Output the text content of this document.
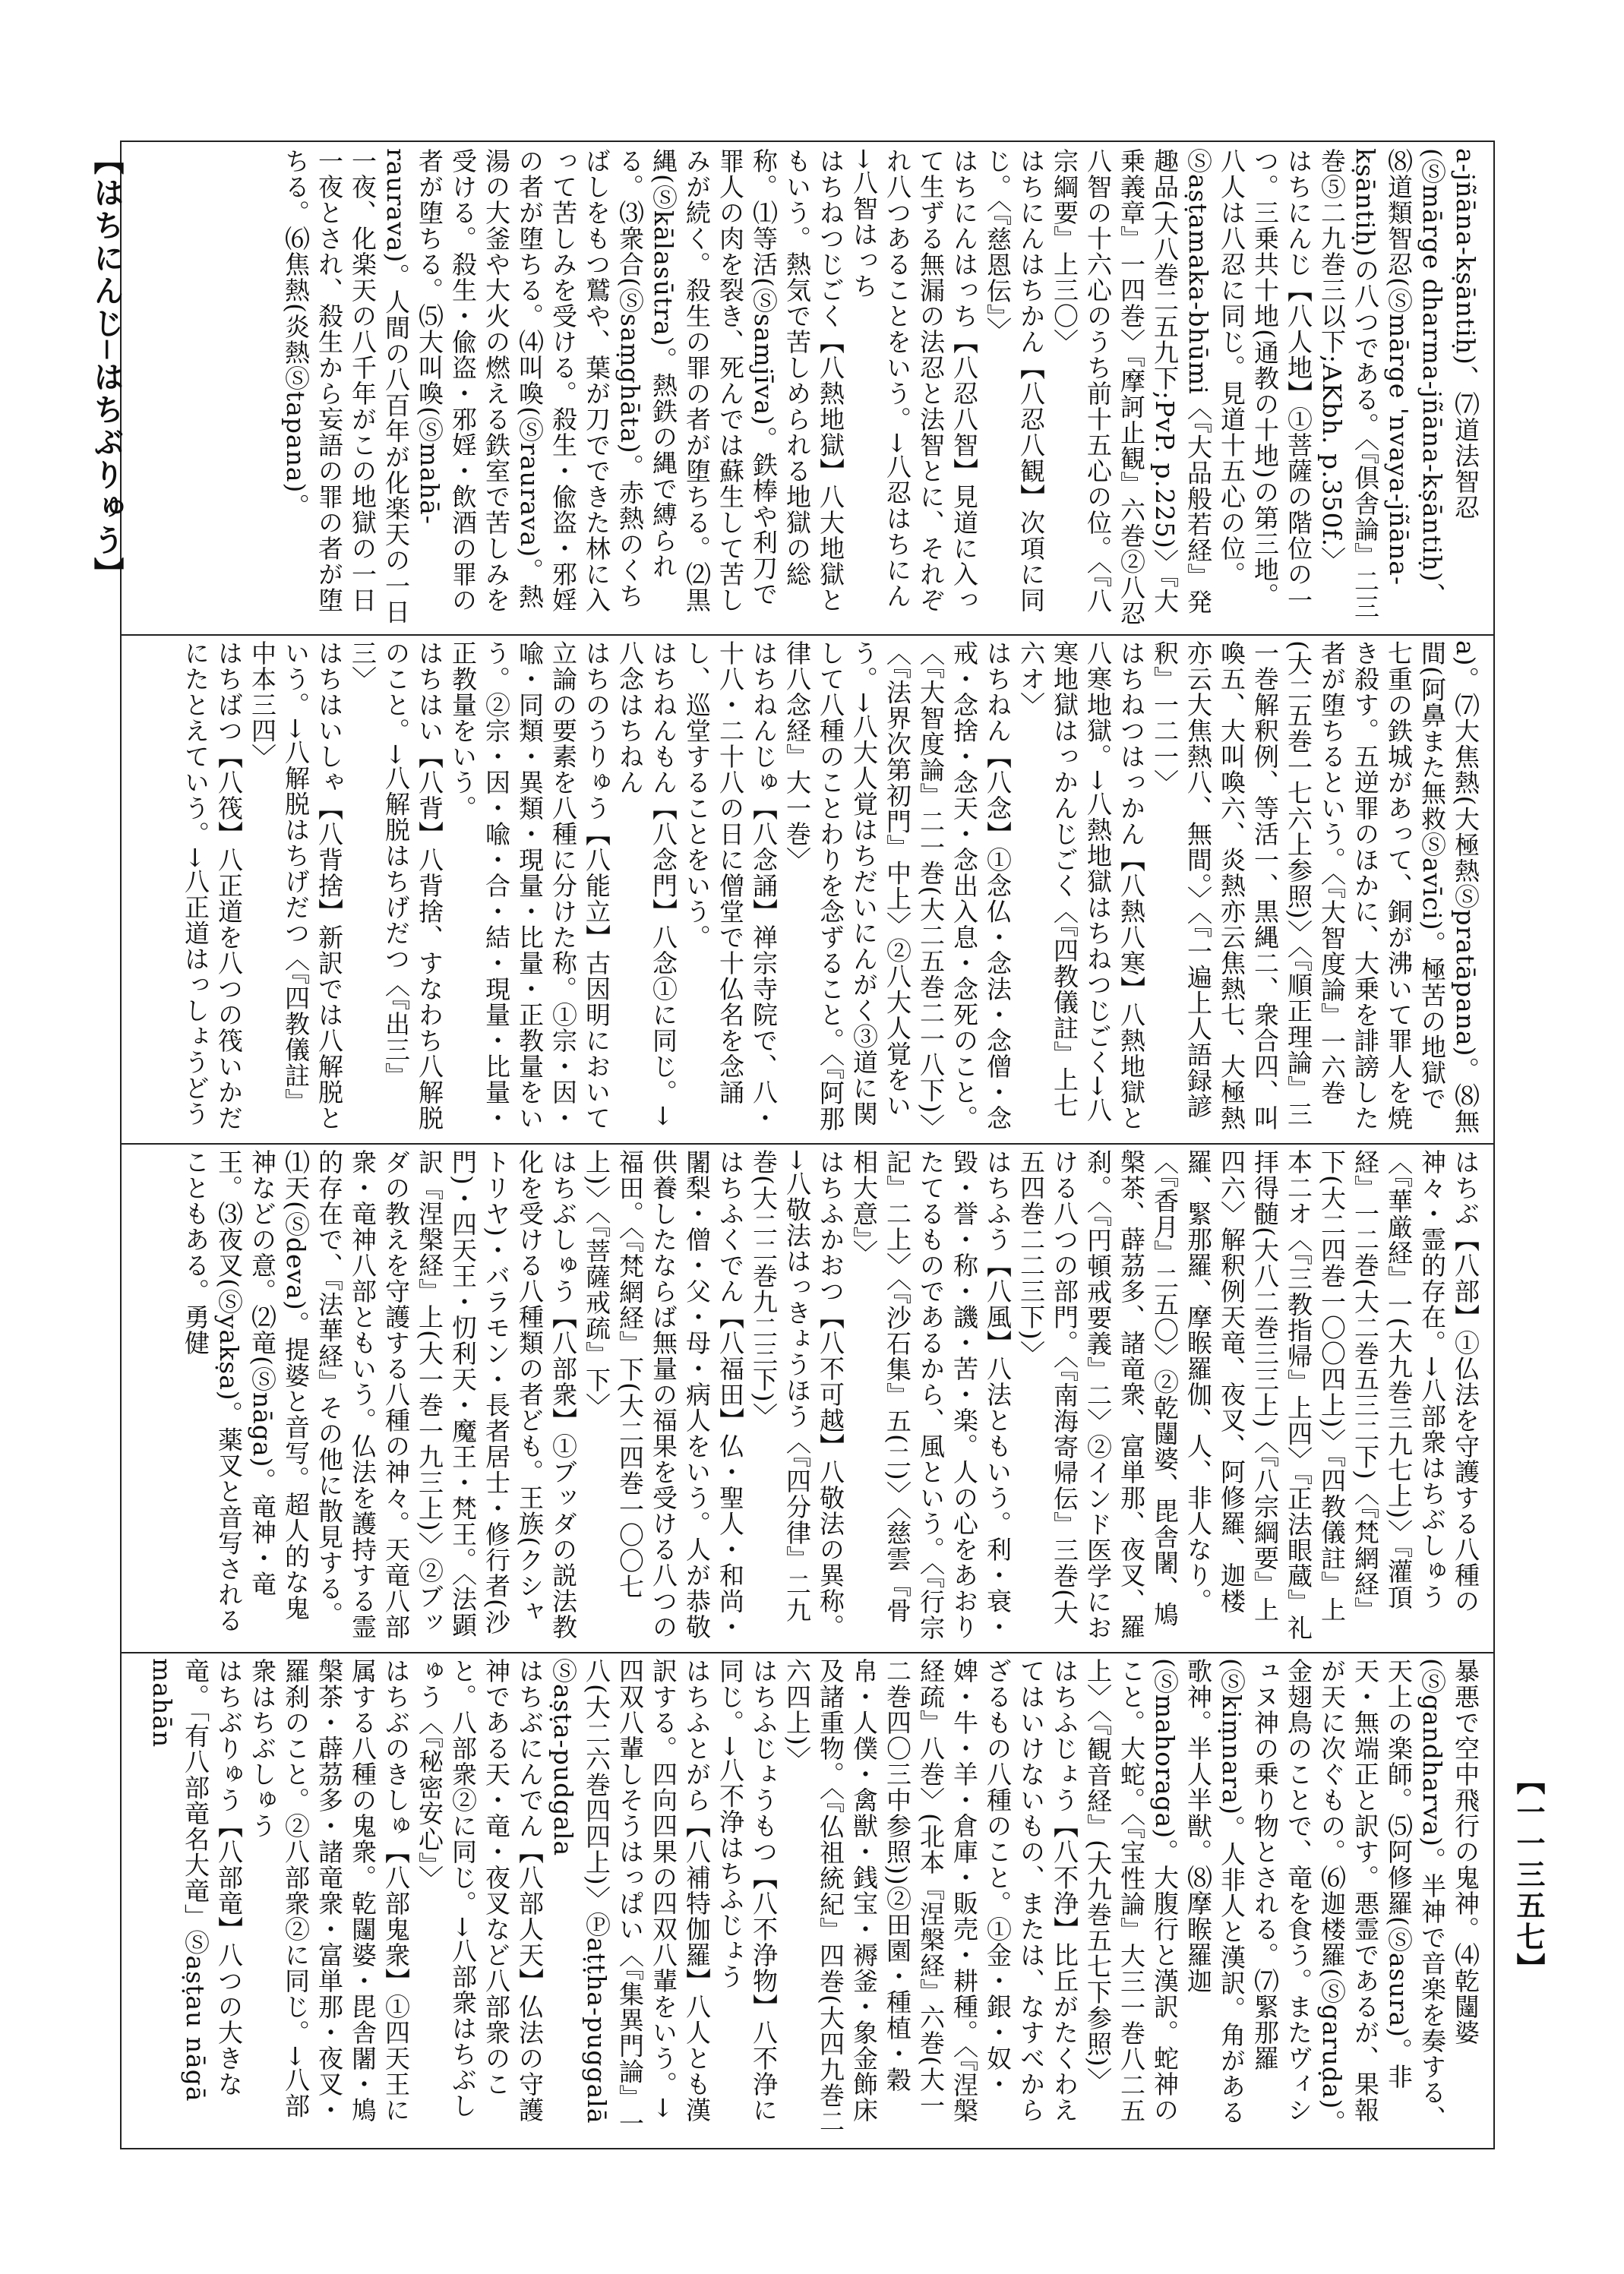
【はちにんじ─はちぶりゅう】
【一一三五七】
a-jñāna-kṣāntiḥ)、⑺道法智忍(Ⓢmārge dharma-jñāna-kṣāntiḥ)、⑻道類智忍(Ⓢmārge 'nvaya-jñāna-kṣāntiḥ)の八つである。〈『倶舎論』二三巻⑤二九巻三以下;AKbh. p.350f.〉
はちにんじ【八人地】①菩薩の階位の一つ。三乗共十地(通教の十地)の第三地。八人は八忍に同じ。見道十五心の位。Ⓢaṣṭamaka-bhūmi〈『大品般若経』発趣品(大八巻二五九下;PvP. p.225)〉『大乗義章』一四巻〉『摩訶止観』六巻②八忍八智の十六心のうち前十五心の位。〈『八宗綱要』上三〇〉
はちにんはちかん【八忍八観】次項に同じ。〈『慈恩伝』〉
はちにんはっち【八忍八智】見道に入って生ずる無漏の法忍と法智とに、それぞれ八つあることをいう。→八忍はちにん→八智はっち
はちねつじごく【八熱地獄】八大地獄ともいう。熱気で苦しめられる地獄の総称。⑴等活(Ⓢsamjīva)。鉄棒や利刀で罪人の肉を裂き、死んでは蘇生して苦しみが続く。殺生の罪の者が堕ちる。⑵黒縄(Ⓢkālasūtra)。熱鉄の縄で縛られる。⑶衆合(Ⓢsaṃghāta)。赤熱のくちばしをもつ鷲や、葉が刀でできた林に入って苦しみを受ける。殺生・偸盗・邪婬の者が堕ちる。⑷叫喚(Ⓢraurava)。熱湯の大釜や大火の燃える鉄室で苦しみを受ける。殺生・偸盗・邪婬・飲酒の罪の者が堕ちる。⑸大叫喚(Ⓢmahā-raurava)。人間の八百年が化楽天の一日一夜、化楽天の八千年がこの地獄の一日一夜とされ、殺生から妄語の罪の者が堕ちる。⑹焦熱(炎熱Ⓢtapana)。
a)。⑺大焦熱(大極熱Ⓢpratāpana)。⑻無間(阿鼻また無救Ⓢavīci)。極苦の地獄で七重の鉄城があって、銅が沸いて罪人を焼き殺す。五逆罪のほかに、大乗を誹謗した者が堕ちるという。〈『大智度論』一六巻(大二五巻一七六上参照)〉〈『順正理論』三一巻解釈例、等活一、黒縄二、衆合四、叫喚五、大叫喚六、炎熱亦云焦熱七、大極熱亦云大焦熱八、無間。〉〈『一遍上人語録諺釈』一二一〉
はちねつはっかん【八熱八寒】八熱地獄と八寒地獄。→八熱地獄はちねつじごく→八寒地獄はっかんじごく〈『四教儀註』上七六オ〉
はちねん【八念】①念仏・念法・念僧・念戒・念捨・念天・念出入息・念死のこと。〈『大智度論』二一巻(大二五巻二一八下)〉〈『法界次第初門』中上〉②八大人覚をいう。→八大人覚はちだいにんがく③道に関して八種のことわりを念ずること。〈『阿那律八念経』大一巻〉
はちねんじゅ【八念誦】禅宗寺院で、八・十八・二十八の日に僧堂で十仏名を念誦し、巡堂することをいう。
はちねんもん【八念門】八念①に同じ。→八念はちねん
はちのうりゅう【八能立】古因明において立論の要素を八種に分けた称。①宗・因・喩・同類・異類・現量・比量・正教量をいう。②宗・因・喩・合・結・現量・比量・正教量をいう。
はちはい【八背】八背捨、すなわち八解脱のこと。→八解脱はちげだつ〈『出三』三〉
はちはいしゃ【八背捨】新訳では八解脱という。→八解脱はちげだつ〈『四教儀註』中本三四〉
はちばつ【八筏】八正道を八つの筏いかだにたとえていう。→八正道はっしょうどう
はちぶ【八部】①仏法を守護する八種の神々・霊的存在。→八部衆はちぶしゅう〈『華厳経』一(大九巻三九七上)〉『灌頂経』一二巻(大二巻五三二下)〈『梵網経』下(大二四巻一〇〇四上)〉『四教儀註』上本二オ〈『三教指帰』上四〉『正法眼蔵』礼拝得髄(大八二巻三三上)〈『八宗綱要』上四六〉解釈例天竜、夜叉、阿修羅、迦楼羅、緊那羅、摩睺羅伽、人、非人なり。〈『香月』二五〇〉②乾闥婆、毘舎闍、鳩槃茶、薜茘多、諸竜衆、富単那、夜叉、羅刹。〈『円頓戒要義』二〉②インド医学における八つの部門。〈『南海寄帰伝』三巻(大五四巻二二三下)〉
はちふう【八風】八法ともいう。利・衰・毀・誉・称・譏・苦・楽。人の心をあおりたてるものであるから、風という。〈『行宗記』二上〉〈『沙石集』五(二)〉〈慈雲『骨相大意』〉
はちふかおつ【八不可越】八敬法の異称。→八敬法はっきょうほう〈『四分律』二九巻(大二二巻九二三下)〉
はちふくでん【八福田】仏・聖人・和尚・闍梨・僧・父・母・病人をいう。人が恭敬供養したならば無量の福果を受ける八つの福田。〈『梵網経』下(大二四巻一〇〇七上)〉〈『菩薩戒疏』下〉
はちぶしゅう【八部衆】①ブッダの説法教化を受ける八種類の者ども。王族(クシャトリヤ)・バラモン・長者居士・修行者(沙門)・四天王・忉利天・魔王・梵王。〈法顕訳『涅槃経』上(大一巻一九三上)〉②ブッダの教えを守護する八種の神々。天竜八部衆・竜神八部ともいう。仏法を護持する霊的存在で、『法華経』その他に散見する。⑴天(Ⓢdeva)。提婆と音写。超人的な鬼神などの意。⑵竜(Ⓢnāga)。竜神・竜王。⑶夜叉(Ⓢyakṣa)。薬叉と音写されることもある。勇健
暴悪で空中飛行の鬼神。⑷乾闥婆(Ⓢgandharva)。半神で音楽を奏する、天上の楽師。⑸阿修羅(Ⓢasura)。非天・無端正と訳す。悪霊であるが、果報が天に次ぐもの。⑹迦楼羅(Ⓢgaruḍa)。金翅鳥のことで、竜を食う。またヴィシュヌ神の乗り物とされる。⑺緊那羅(Ⓢkiṃnara)。人非人と漢訳。角がある歌神。半人半獣。⑻摩睺羅迦(Ⓢmahoraga)。大腹行と漢訳。蛇神のこと。大蛇。〈『宝性論』大三一巻八二五上〉〈『観音経』(大九巻五七下参照)〉
はちふじょう【八不浄】比丘がたくわえてはいけないもの、または、なすべからざるもの八種のこと。①金・銀・奴・婢・牛・羊・倉庫・販売・耕種。〈『涅槃経疏』八巻〉(北本『涅槃経』六巻(大一二巻四〇三中参照))②田園・種植・穀帛・人僕・禽獣・銭宝・褥釜・象金飾床及諸重物。〈『仏祖統紀』四巻(大四九巻二六四上)〉
はちふじょうもつ【八不浄物】八不浄に同じ。→八不浄はちふじょう
はちふとがら【八補特伽羅】八人とも漢訳する。四向四果の四双八輩をいう。→四双八輩しそうはっぱい〈『集異門論』一八(大二六巻四四上)〉Ⓟaṭṭha-puggalā Ⓢaṣṭa-pudgala
はちぶにんでん【八部人天】仏法の守護神である天・竜・夜叉など八部衆のこと。八部衆②に同じ。→八部衆はちぶしゅう〈『秘密安心』〉
はちぶのきしゅ【八部鬼衆】①四天王に属する八種の鬼衆。乾闥婆・毘舎闍・鳩槃茶・薜茘多・諸竜衆・富単那・夜叉・羅刹のこと。②八部衆②に同じ。→八部衆はちぶしゅう
はちぶりゅう【八部竜】八つの大きな竜。「有八部竜名大竜」Ⓢaṣṭau nāgā mahān
